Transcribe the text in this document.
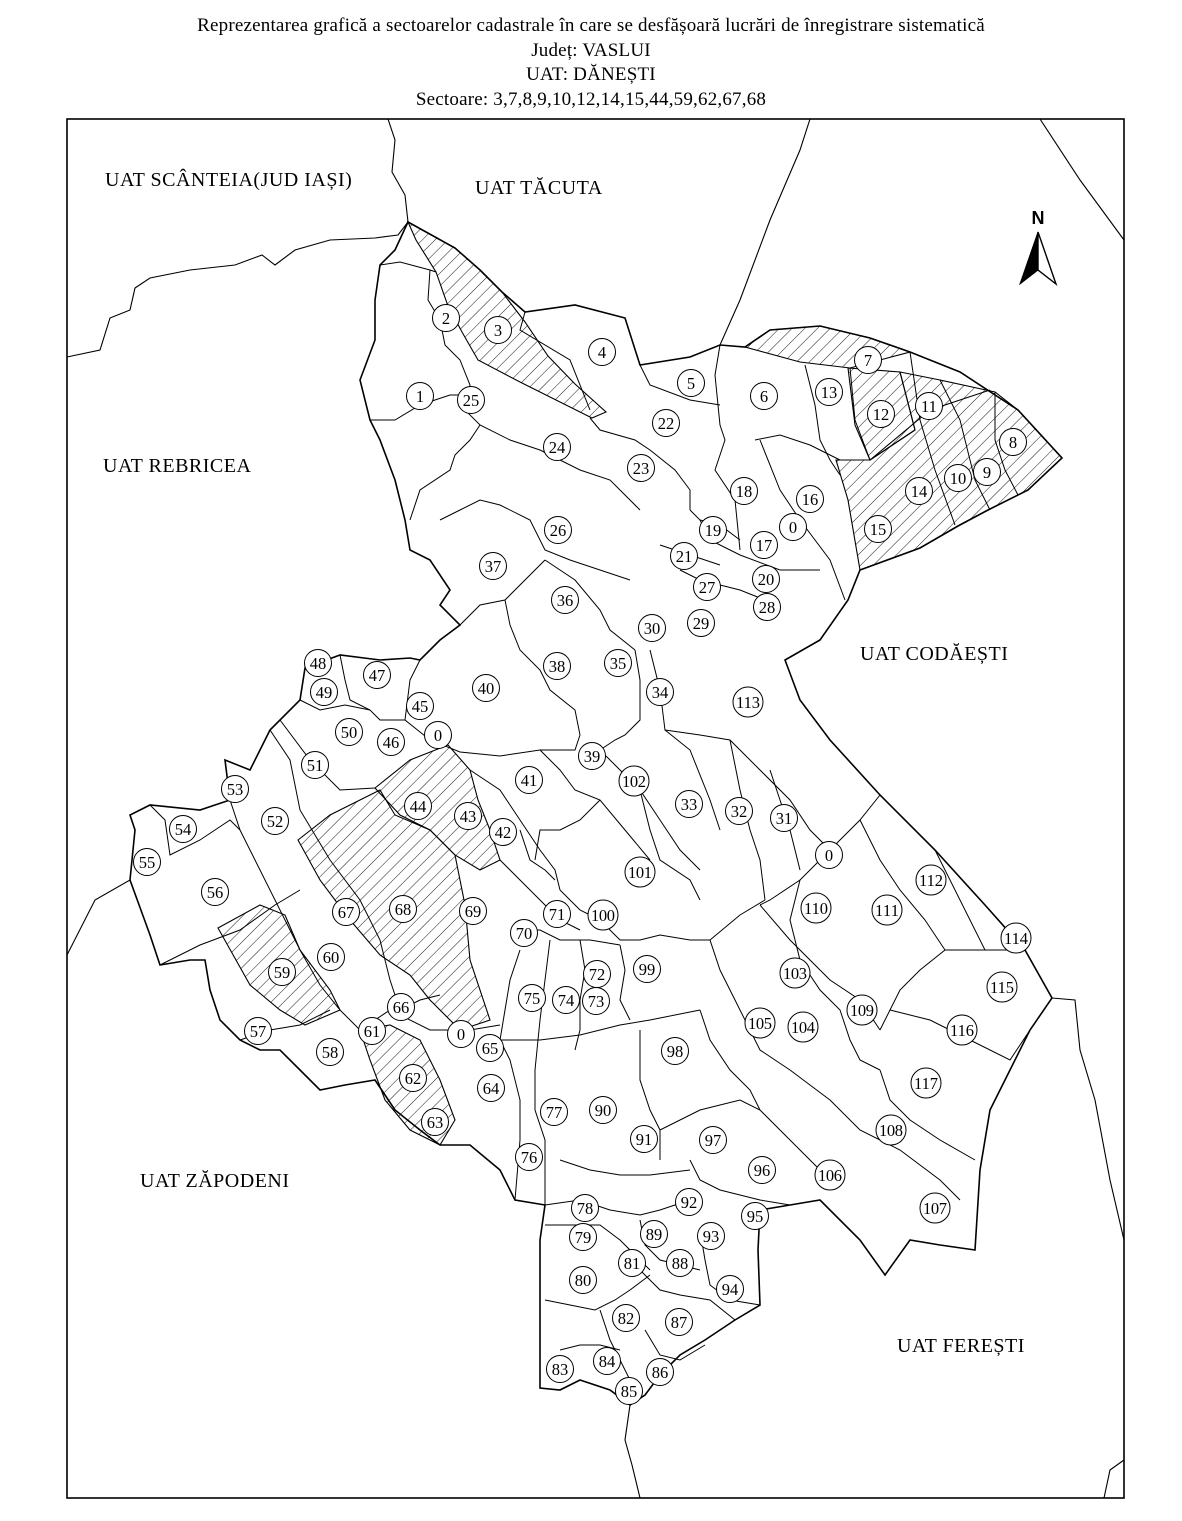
Reprezentarea grafică a sectoarelor cadastrale în care se desfășoară lucrări de înregistrare sistematică
Județ: VASLUI
UAT: DĂNEȘTI
Sectoare: 3,7,8,9,10,12,14,15,44,59,62,67,68
N
UAT SCÂNTEIA(JUD IAȘI)	UAT TĂCUTA
UAT REBRICEA
UAT CODĂEȘTI
UAT ZĂPODENI
UAT FEREȘTI
1
2
3
4
5
6
7
8
9
10
11
12
13
14
15
16
17
18
19	0
20
21
22
23
24
25
26
27
28
29
30
31
32
33
34
35
36
37
38
39
40
41
42
43
44
45
0
46
47
48
49
50
51
52
53
54
55
56
57
58
59
60
61
62
63
64
65
0
66
67 68	69
70
71
72
73
74
75
76
77
78
79
80
81
82
83 84
85
86
87
88
89
90
91
92
93
94
95
96
97
98
99
100
101
102
103
104
105
106
107
108
109
0
110	111
112
113
114
115
116
117
